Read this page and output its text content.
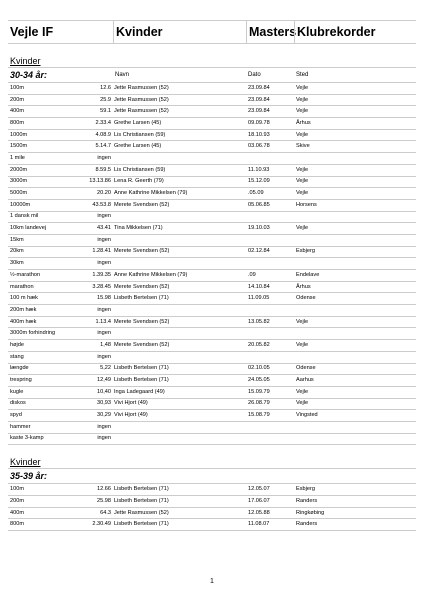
Vejle IF	Kvinder	Masters Klubrekorder
Kvinder
30-34 år:	Navn	Dato	Sted
100m	12.6 Jette Rasmussen (52)	23.09.84	Vejle
200m	25.9 Jette Rasmussen (52)	23.09.84	Vejle
400m	59.1 Jette Rasmussen (52)	23.09.84	Vejle
800m	2.33.4 Grethe Larsen (45)	09.09.78	Århus
1000m	4.08.9 Lis Christiansen (59)	18.10.93	Vejle
1500m	5.14.7 Grethe Larsen (45)	03.06.78	Skive
1 mile	ingen
2000m	8.59.5 Lis Christiansen (59)	11.10.93	Vejle
3000m	13.13.86 Lena R. Geerth (79)	15.12.09	Vejle
5000m	20.20 Anne Kathrine Mikkelsen (79)	.05.09	Vejle
10000m	43.53.8 Merete Svendsen (52)	05.06.85	Horsens
1 dansk mil	ingen
10km landevej	43.41 Tina Mikkelsen (71)	19.10.03	Vejle
15km	ingen
20km	1.28.41 Merete Svendsen (52)	02.12.84	Esbjerg
30km	ingen
½-marathon	1.39.35 Anne Kathrine Mikkelsen (79)	.09	Endelave
marathon	3.28.45 Merete Svendsen (52)	14.10.84	Århus
100 m hæk	15.98 Lisbeth Bertelsen (71)	11.09.05	Odense
200m hæk	ingen
400m hæk	1.13.4 Merete Svendsen (52)	13.05.82	Vejle
3000m forhindring	ingen
højde	1,48 Merete Svendsen (52)	20.05.82	Vejle
stang	ingen
længde	5,22 Lisbeth Bertelsen (71)	02.10.05	Odense
trespring	12,49 Lisbeth Bertelsen (71)	24.05.05	Aarhus
kugle	10,40 Inga Ladegaard (49)	15.09.79	Vejle
diskos	30,93 Vivi Hjort (49)	26.08.79	Vejle
spyd	30,29 Vivi Hjort (49)	15.08.79	Vingsted
hammer	ingen
kaste 3-kamp	ingen
Kvinder
35-39 år:
100m	12.66 Lisbeth Bertelsen (71)	12.05.07	Esbjerg
200m	25.98 Lisbeth Bertelsen (71)	17.06.07	Randers
400m	64.3 Jette Rasmussen (52)	12.05.88	Ringkøbing
800m	2.30.49 Lisbeth Bertelsen (71)	11.08.07	Randers
1
